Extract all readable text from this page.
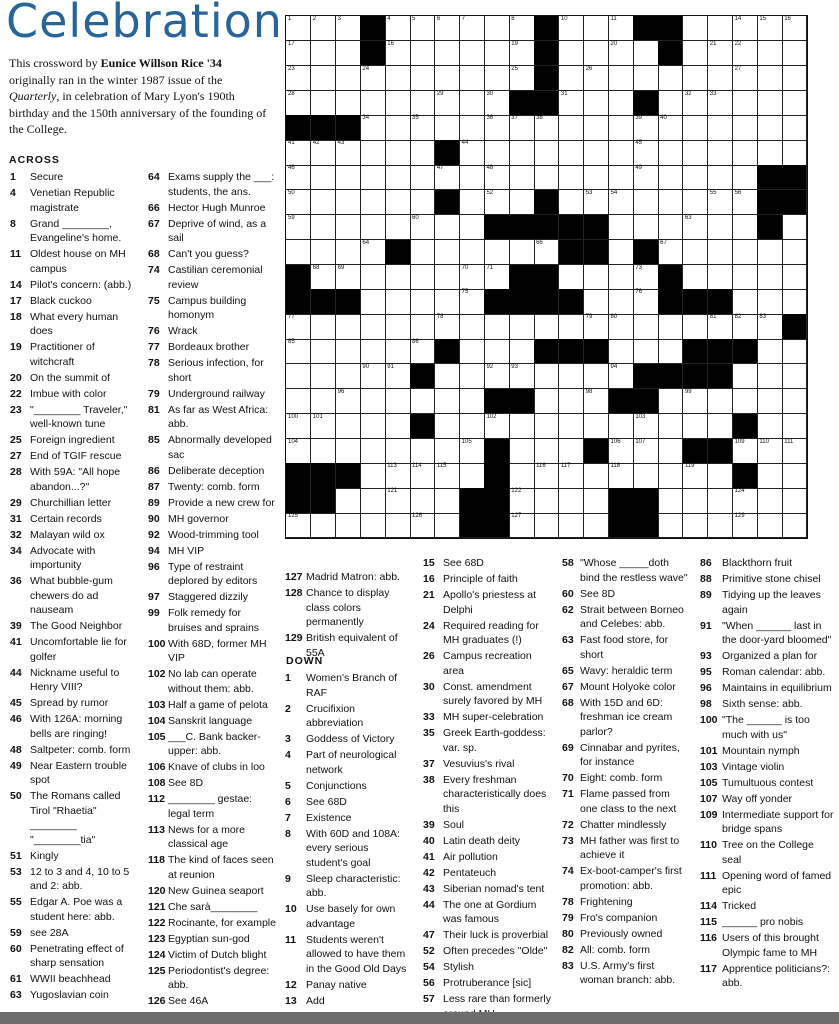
Celebration
This crossword by Eunice Willson Rice '34 originally ran in the winter 1987 issue of the Quarterly, in celebration of Mary Lyon's 190th birthday and the 150th anniversary of the founding of the College.
ACROSS
DOWN
1	2	3	4	5	6	7	8	10	11	14	15	16
17	16	19	20	21	22
23	24	25	26	27
28	29	30	31	32	33
34	35	36	37	38	39	40
41	42	43	44	45
46	47	48	49
50	52	53	54	55	56
59	60	63
64	66	67
68	69	70	71	73
75	76
77	78	79	80	81	82	83
85	86
90	91	92	93	94
96	98	99
100 101	102	103
104	105	106 107	109 110	111
113	114	115	116	117	118	119
121	122	124
125	126	127	129
1	Secure
4	Venetian Republic magistrate
8	Grand ________, Evangeline's home.
11 Oldest house on MH campus
14 Pilot's concern: (abb.)
17 Black cuckoo
18 What every human does
19 Practitioner of witchcraft
20 On the summit of
22 Imbue with color
23 "________ Traveler," well-known tune
25 Foreign ingredient
27 End of TGIF rescue
28 With 59A: "All hope abandon...?"
29 Churchillian letter
31 Certain records
32 Malayan wild ox
34 Advocate with importunity
36 What bubble-gum chewers do ad nauseam
39 The Good Neighbor
41 Uncomfortable lie for golfer
44 Nickname useful to Henry VIII?
45 Spread by rumor
46 With 126A: morning bells are ringing!
48 Saltpeter: comb. form
49 Near Eastern trouble spot
50 The Romans called Tirol "Rhaetia" ________ "________tia"
51 Kingly
53 12 to 3 and 4, 10 to 5 and 2: abb.
55 Edgar A. Poe was a student here: abb.
59 see 28A
60 Penetrating effect of sharp sensation
61 WWII beachhead
63 Yugoslavian coin
64 Exams supply the ___: students, the ans.
66 Hector Hugh Munroe
67 Deprive of wind, as a sail
68 Can't you guess?
74 Castilian ceremonial review
75 Campus building homonym
76 Wrack
77 Bordeaux brother
78 Serious infection, for short
79 Underground railway
81 As far as West Africa: abb.
85 Abnormally developed sac
86 Deliberate deception
87 Twenty: comb. form
89 Provide a new crew for
90 MH governor
92 Wood-trimming tool
94 MH VIP
96 Type of restraint deplored by editors
97 Staggered dizzily
99 Folk remedy for bruises and sprains
100 With 68D, former MH VIP
102 No lab can operate without them: abb.
103 Half a game of pelota
104 Sanskrit language
105 ___C. Bank backer-upper: abb.
106 Knave of clubs in loo
108 See 8D
112 ________ gestae: legal term
113 News for a more classical age
118 The kind of faces seen at reunion
120 New Guinea seaport
121 Che sarà________
122 Rocinante, for example
123 Egyptian sun-god
124 Victim of Dutch blight
125 Periodontist's degree: abb.
126 See 46A
127 Madrid Matron: abb.
128 Chance to display class colors permanently
129 British equivalent of 55A
1	Women's Branch of RAF
2	Crucifixion abbreviation
3	Goddess of Victory
4	Part of neurological network
5	Conjunctions
6	See 68D
7	Existence
8	With 60D and 108A: every serious student's goal
9	Sleep characteristic: abb.
10 Use basely for own advantage
11 Students weren't allowed to have them in the Good Old Days
12 Panay native
13 Add
15 See 68D
16 Principle of faith
21 Apollo's priestess at Delphi
24 Required reading for MH graduates (!)
26 Campus recreation area
30 Const. amendment surely favored by MH
33 MH super-celebration
35 Greek Earth-goddess: var. sp.
37 Vesuvius's rival
38 Every freshman characteristically does this
39 Soul
40 Latin death deity
41 Air pollution
42 Pentateuch
43 Siberian nomad's tent
44 The one at Gordium was famous
47 Their luck is proverbial
52 Often precedes "Olde"
54 Stylish
56 Protruberance [sic]
57 Less rare than formerly
58 "Whose _____doth bind the restless wave"
60 See 8D
62 Strait between Borneo and Celebes: abb.
63 Fast food store, for short
65 Wavy: heraldic term
67 Mount Holyoke color
68 With 15D and 6D: freshman ice cream parlor?
69 Cinnabar and pyrites, for instance
70 Eight: comb. form
71 Flame passed from one class to the next
72 Chatter mindlessly
73 MH father was first to achieve it
74 Ex-boot-camper's first promotion: abb.
78 Frightening
79 Fro's companion
80 Previously owned
82 All: comb. form
83 U.S. Army's first woman branch: abb.
86 Blackthorn fruit
88 Primitive stone chisel
89 Tidying up the leaves again
91 "When ______ last in the door-yard bloomed"
93 Organized a plan for
95 Roman calendar: abb.
96 Maintains in equilibrium
98 Sixth sense: abb.
100 "The ______ is too much with us"
101 Mountain nymph
103 Vintage violin
105 Tumultuous contest
107 Way off yonder
109 Intermediate support for bridge spans
110 Tree on the College seal
111 Opening word of famed epic
114 Tricked
115 ______ pro nobis
116 Users of this brought Olympic fame to MH
117 Apprentice politicians?: abb.
